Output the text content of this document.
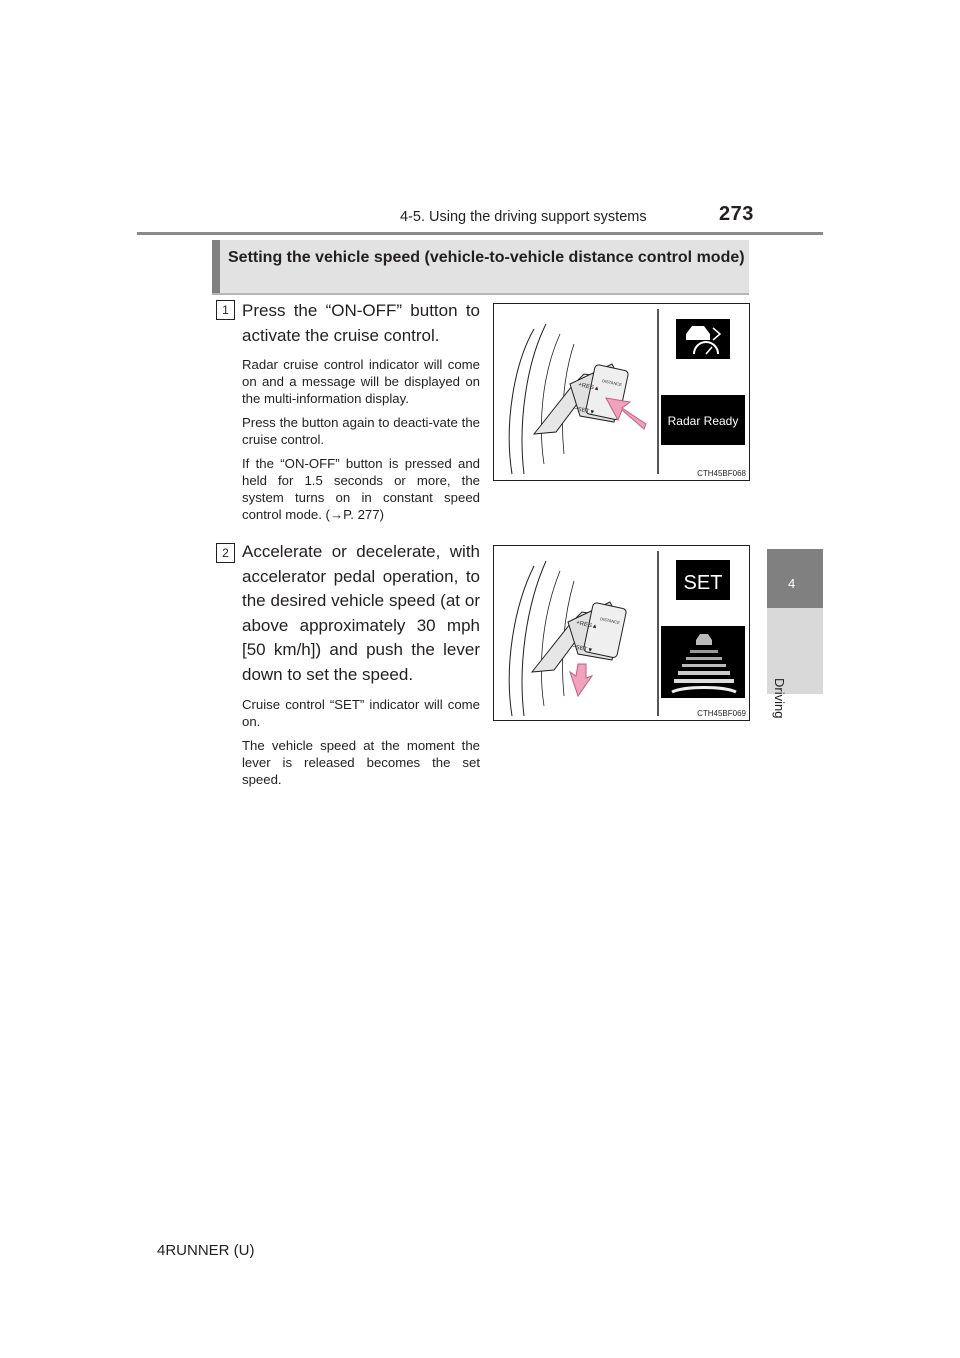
4-5. Using the driving support systems	273
4
Driving
Setting the vehicle speed (vehicle-to-vehicle distance control mode)
1 Press the “ON-OFF” button to activate the cruise control.
Radar cruise control indicator will come on and a message will be displayed on the multi-information display.
Press the button again to deacti-vate the cruise control.
If the “ON-OFF” button is pressed and held for 1.5 seconds or more, the system turns on in constant speed control mode. (→P. 277)
+RES▲
−SET▼
DISTANCE
Radar Ready
CTH45BF068
2 Accelerate or decelerate, with accelerator pedal operation, to the desired vehicle speed (at or above approximately 30 mph [50 km/h]) and push the lever down to set the speed.
Cruise control “SET” indicator will come on.
The vehicle speed at the moment the lever is released becomes the set speed.
+RES▲
−SET▼
DISTANCE
SET
CTH45BF069
4RUNNER (U)
